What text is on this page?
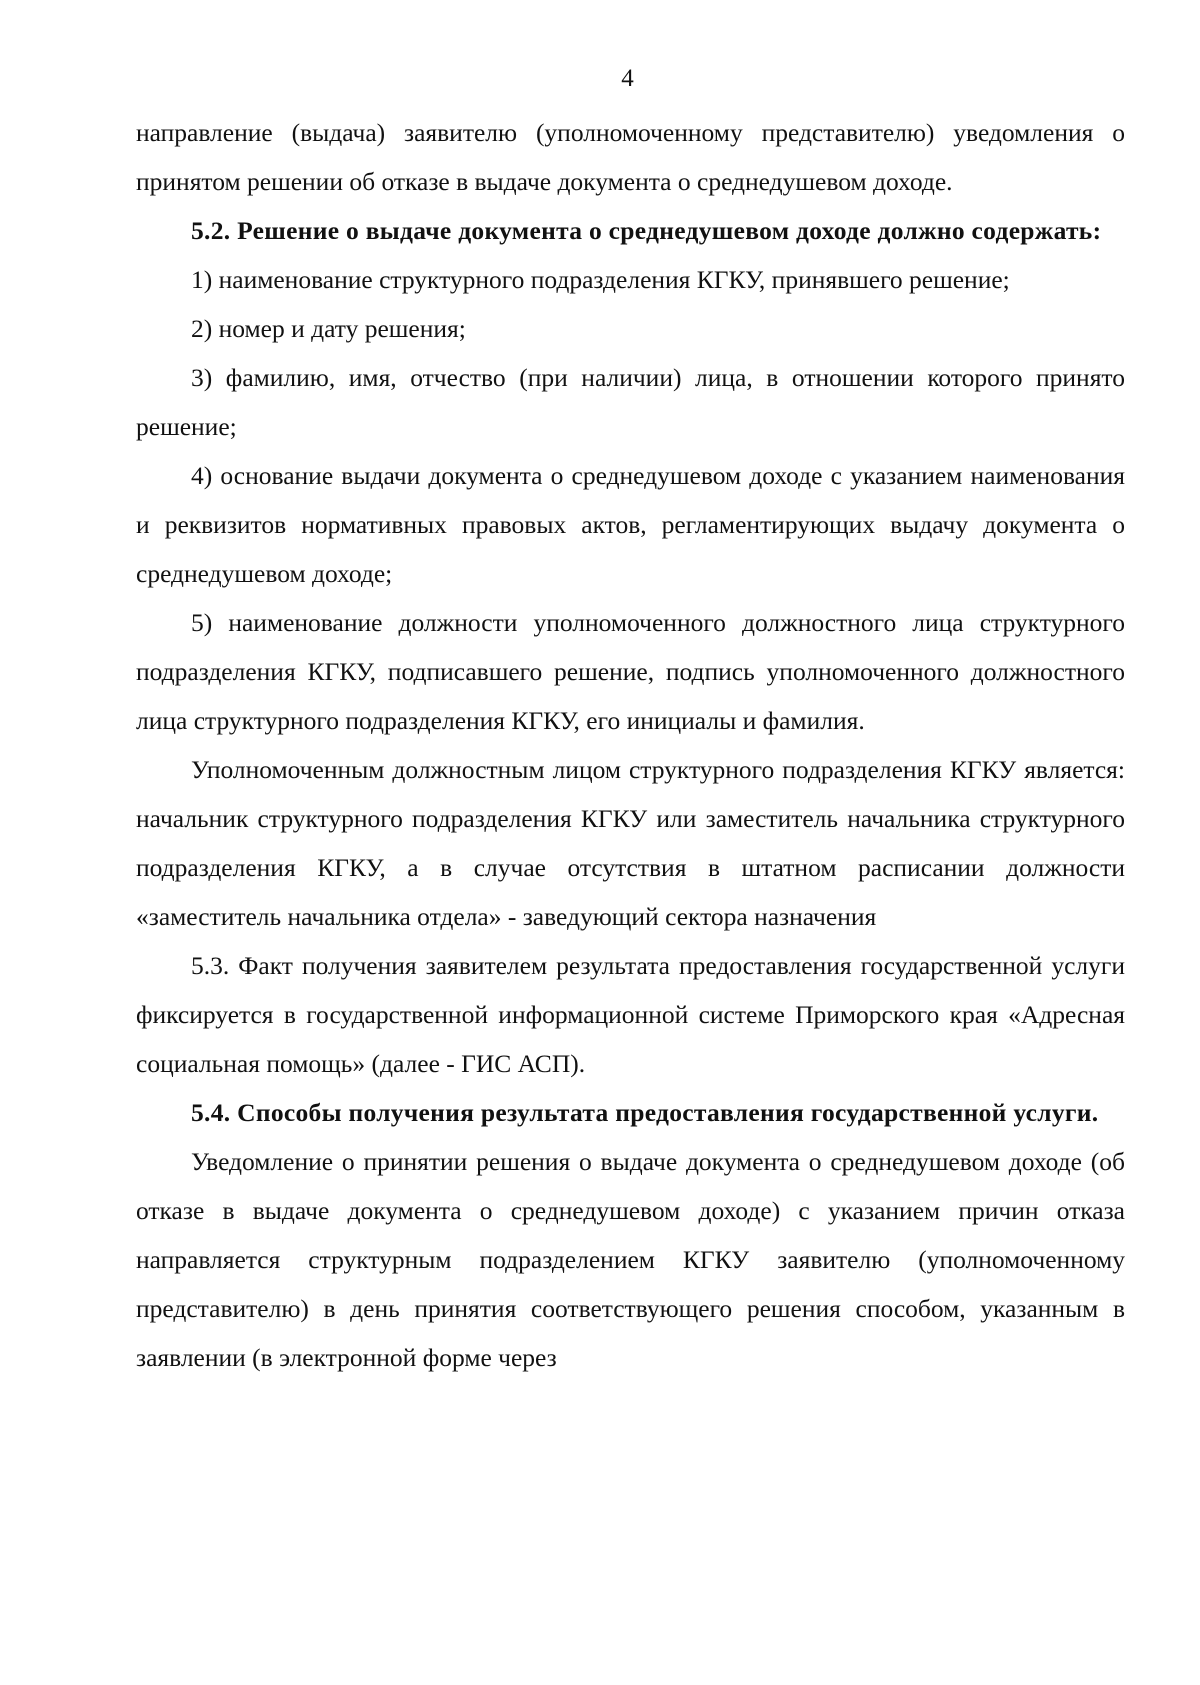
4

направление (выдача) заявителю (уполномоченному представителю) уведомления о принятом решении об отказе в выдаче документа о среднедушевом доходе.

5.2. Решение о выдаче документа о среднедушевом доходе должно содержать:

1) наименование структурного подразделения КГКУ, принявшего решение;

2) номер и дату решения;

3) фамилию, имя, отчество (при наличии) лица, в отношении которого принято решение;

4) основание выдачи документа о среднедушевом доходе с указанием наименования и реквизитов нормативных правовых актов, регламентирующих выдачу документа о среднедушевом доходе;

5) наименование должности уполномоченного должностного лица структурного подразделения КГКУ, подписавшего решение, подпись уполномоченного должностного лица структурного подразделения КГКУ, его инициалы и фамилия.

Уполномоченным должностным лицом структурного подразделения КГКУ является: начальник структурного подразделения КГКУ или заместитель начальника структурного подразделения КГКУ, а в случае отсутствия в штатном расписании должности «заместитель начальника отдела» - заведующий сектора назначения

5.3. Факт получения заявителем результата предоставления государственной услуги фиксируется в государственной информационной системе Приморского края «Адресная социальная помощь» (далее - ГИС АСП).

5.4. Способы получения результата предоставления государственной услуги.

Уведомление о принятии решения о выдаче документа о среднедушевом доходе (об отказе в выдаче документа о среднедушевом доходе) с указанием причин отказа направляется структурным подразделением КГКУ заявителю (уполномоченному представителю) в день принятия соответствующего решения способом, указанным в заявлении (в электронной форме через
